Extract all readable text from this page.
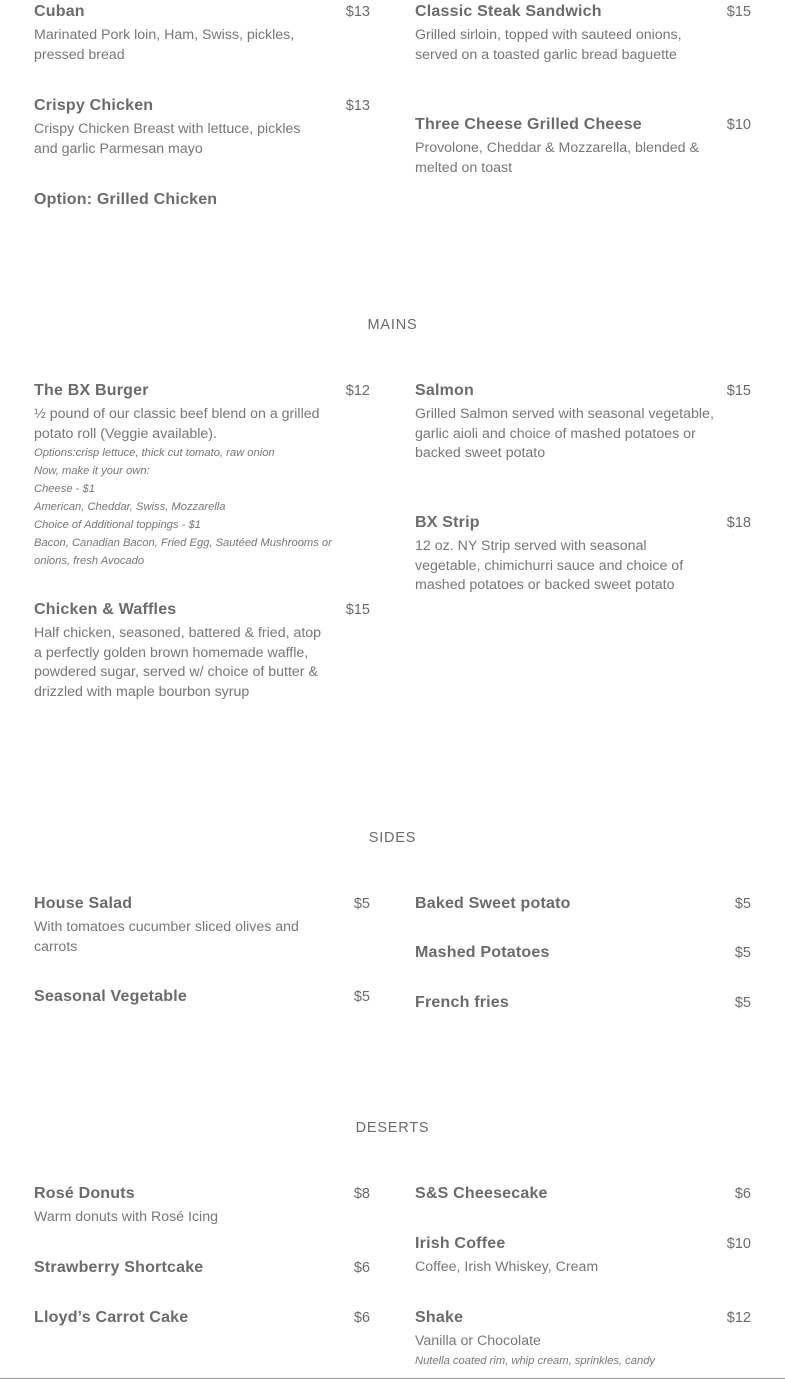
Cuban	$13
Marinated Pork loin, Ham, Swiss, pickles, pressed bread
Crispy Chicken	$13
Crispy Chicken Breast with lettuce, pickles and garlic Parmesan mayo
Option: Grilled Chicken
Classic Steak Sandwich	$15
Grilled sirloin, topped with sauteed onions, served on a toasted garlic bread baguette
Three Cheese Grilled Cheese	$10
Provolone, Cheddar & Mozzarella, blended & melted on toast
MAINS
The BX Burger	$12
½ pound of our classic beef blend on a grilled potato roll (Veggie available).
Options:crisp lettuce, thick cut tomato, raw onion
Now, make it your own:
Cheese - $1
American, Cheddar, Swiss, Mozzarella
Choice of Additional toppings - $1
Bacon, Canadian Bacon, Fried Egg, Sautéed Mushrooms or onions, fresh Avocado
Chicken & Waffles	$15
Half chicken, seasoned, battered & fried, atop a perfectly golden brown homemade waffle, powdered sugar, served w/ choice of butter & drizzled with maple bourbon syrup
Salmon	$15
Grilled Salmon served with seasonal vegetable, garlic aioli and choice of mashed potatoes or backed sweet potato
BX Strip	$18
12 oz. NY Strip served with seasonal vegetable, chimichurri sauce and choice of mashed potatoes or backed sweet potato
SIDES
House Salad	$5
With tomatoes cucumber sliced olives and carrots
Seasonal Vegetable	$5
Baked Sweet potato	$5
Mashed Potatoes	$5
French fries	$5
DESERTS
Rosé Donuts	$8
Warm donuts with Rosé Icing
Strawberry Shortcake	$6
Lloyd’s Carrot Cake	$6
S&S Cheesecake	$6
Irish Coffee	$10
Coffee, Irish Whiskey, Cream
Shake	$12
Vanilla or Chocolate
Nutella coated rim, whip cream, sprinkles, candy
